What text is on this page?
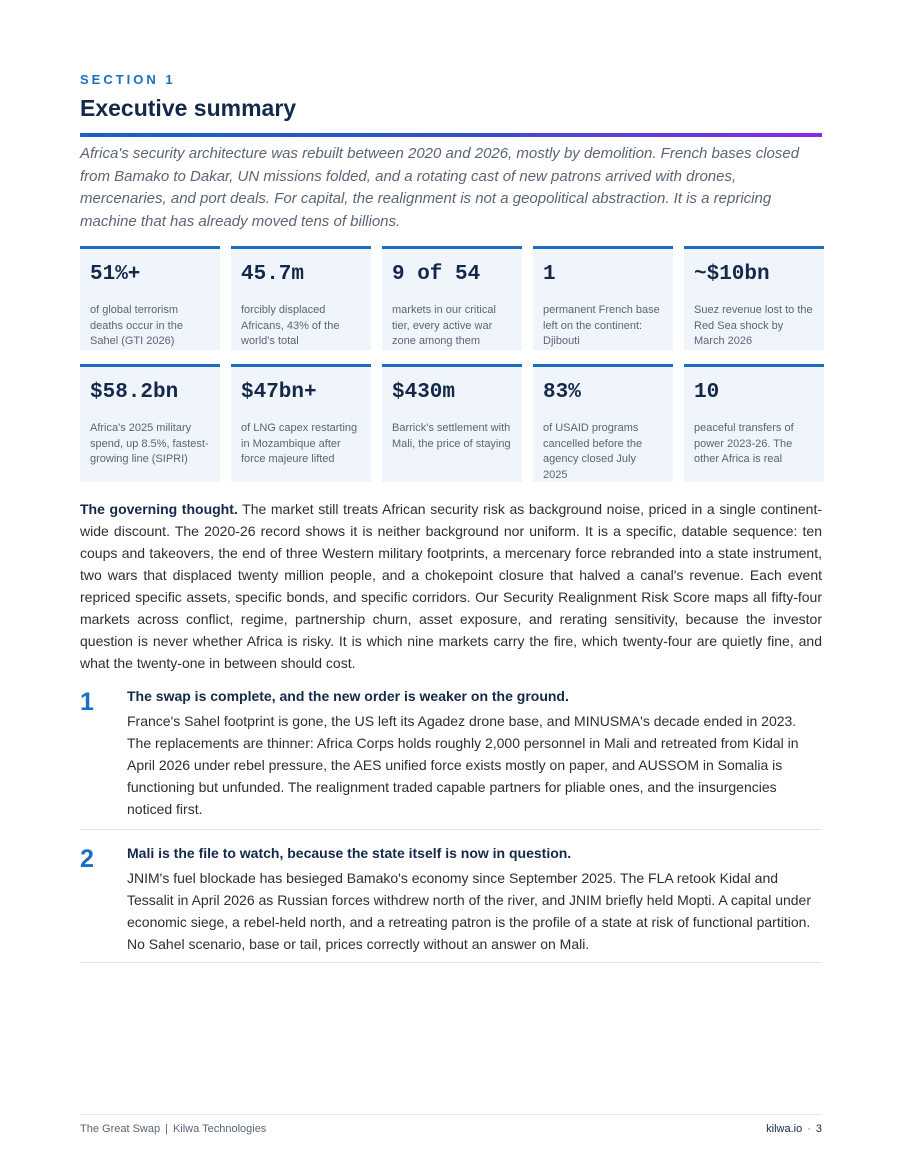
SECTION 1
Executive summary

Africa's security architecture was rebuilt between 2020 and 2026, mostly by demolition. French bases closed from Bamako to Dakar, UN missions folded, and a rotating cast of new patrons arrived with drones, mercenaries, and port deals. For capital, the realignment is not a geopolitical abstraction. It is a repricing machine that has already moved tens of billions.

51%+
of global terrorism deaths occur in the Sahel (GTI 2026)
45.7m
forcibly displaced Africans, 43% of the world's total
9 of 54
markets in our critical tier, every active war zone among them
1
permanent French base left on the continent: Djibouti
~$10bn
Suez revenue lost to the Red Sea shock by March 2026
$58.2bn
Africa's 2025 military spend, up 8.5%, fastest-growing line (SIPRI)
$47bn+
of LNG capex restarting in Mozambique after force majeure lifted
$430m
Barrick's settlement with Mali, the price of staying
83%
of USAID programs cancelled before the agency closed July 2025
10
peaceful transfers of power 2023-26. The other Africa is real

The governing thought. The market still treats African security risk as background noise, priced in a single continent-wide discount. The 2020-26 record shows it is neither background nor uniform. It is a specific, datable sequence: ten coups and takeovers, the end of three Western military footprints, a mercenary force rebranded into a state instrument, two wars that displaced twenty million people, and a chokepoint closure that halved a canal's revenue. Each event repriced specific assets, specific bonds, and specific corridors. Our Security Realignment Risk Score maps all fifty-four markets across conflict, regime, partnership churn, asset exposure, and rerating sensitivity, because the investor question is never whether Africa is risky. It is which nine markets carry the fire, which twenty-four are quietly fine, and what the twenty-one in between should cost.

1 The swap is complete, and the new order is weaker on the ground.
France's Sahel footprint is gone, the US left its Agadez drone base, and MINUSMA's decade ended in 2023. The replacements are thinner: Africa Corps holds roughly 2,000 personnel in Mali and retreated from Kidal in April 2026 under rebel pressure, the AES unified force exists mostly on paper, and AUSSOM in Somalia is functioning but unfunded. The realignment traded capable partners for pliable ones, and the insurgencies noticed first.
2 Mali is the file to watch, because the state itself is now in question.
JNIM's fuel blockade has besieged Bamako's economy since September 2025. The FLA retook Kidal and Tessalit in April 2026 as Russian forces withdrew north of the river, and JNIM briefly held Mopti. A capital under economic siege, a rebel-held north, and a retreating patron is the profile of a state at risk of functional partition. No Sahel scenario, base or tail, prices correctly without an answer on Mali.
The Great Swap | Kilwa Technologies	kilwa.io · 3
